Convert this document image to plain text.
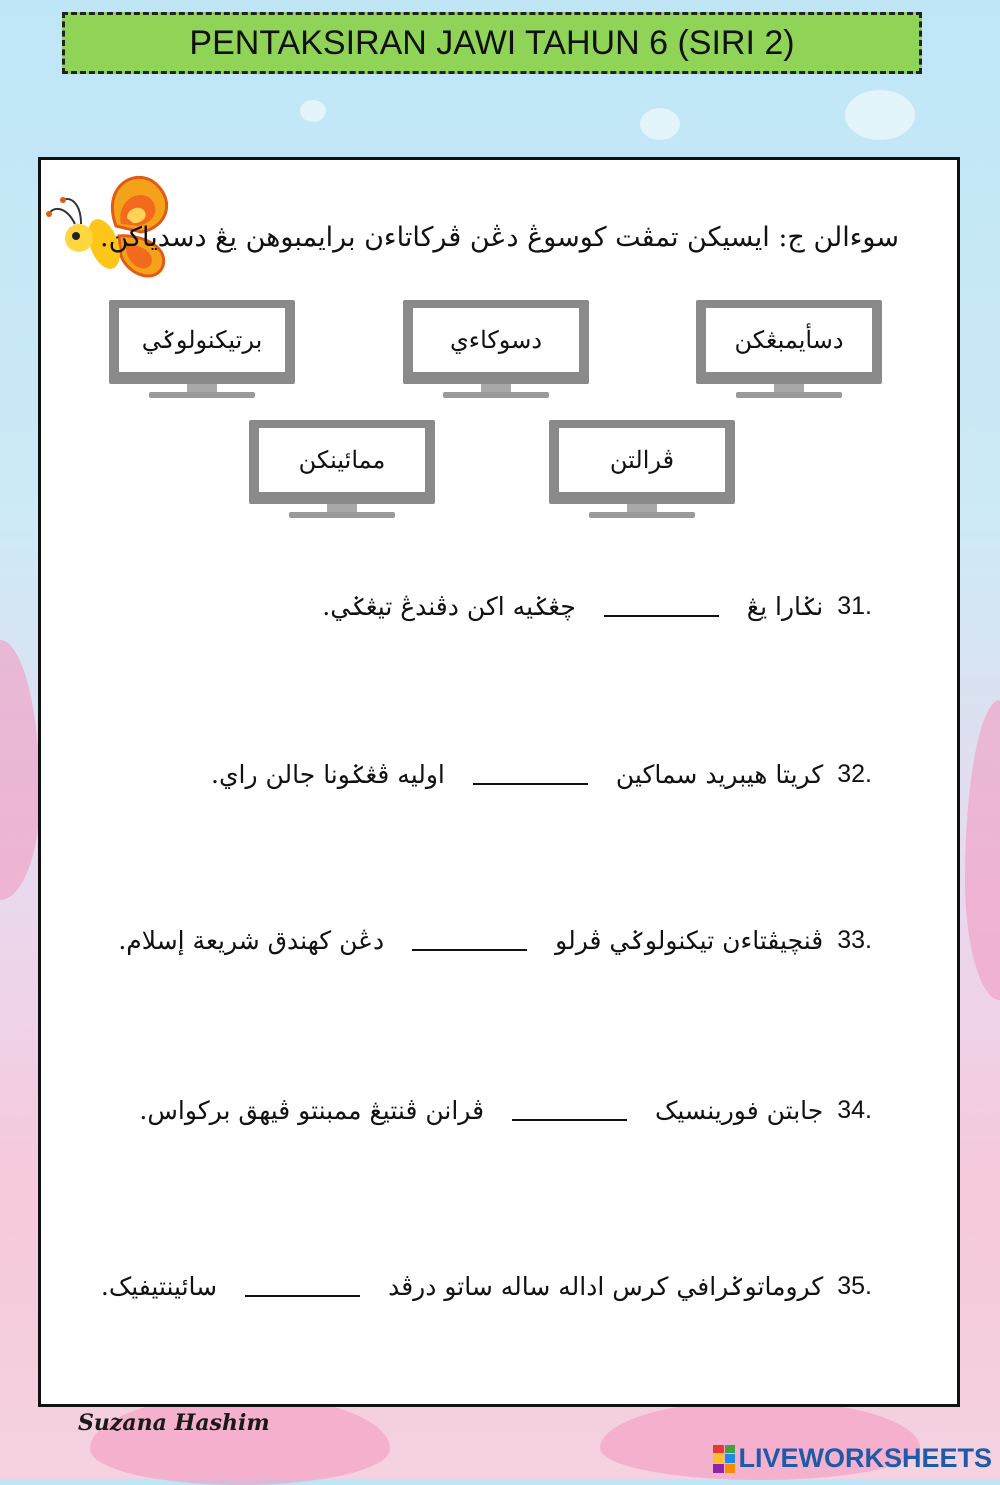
PENTAKSIRAN JAWI TAHUN 6 (SIRI 2)
سوءالن ج: ايسيکن تمڤت کوسوڠ دڠن ڤرکاتاءن برايمبوهن يڠ دسدياکن.
دسأيمبڠکن
دسوکاءي
برتيکنولوݢي
ڤرالتن
ممائينکن
31.
نݢارا يڠ
چڠݢيه اکن دڤندڠ تيڠݢي.
32.
کريتا هيبريد سماکين
اوليه ڤڠݢونا جالن راي.
33.
ڤنچيڤتاءن تيکنولوݢي ڤرلو
دڠن کهندق شريعة إسلام.
34.
جابتن فورينسيک
ڤرانن ڤنتيڠ ممبنتو ڤيهق برکواس.
35.
کروماتوݢرافي کرس اداله ساله ساتو درڤد
سائينتيفيک.
Suzana Hashim
LIVEWORKSHEETS
